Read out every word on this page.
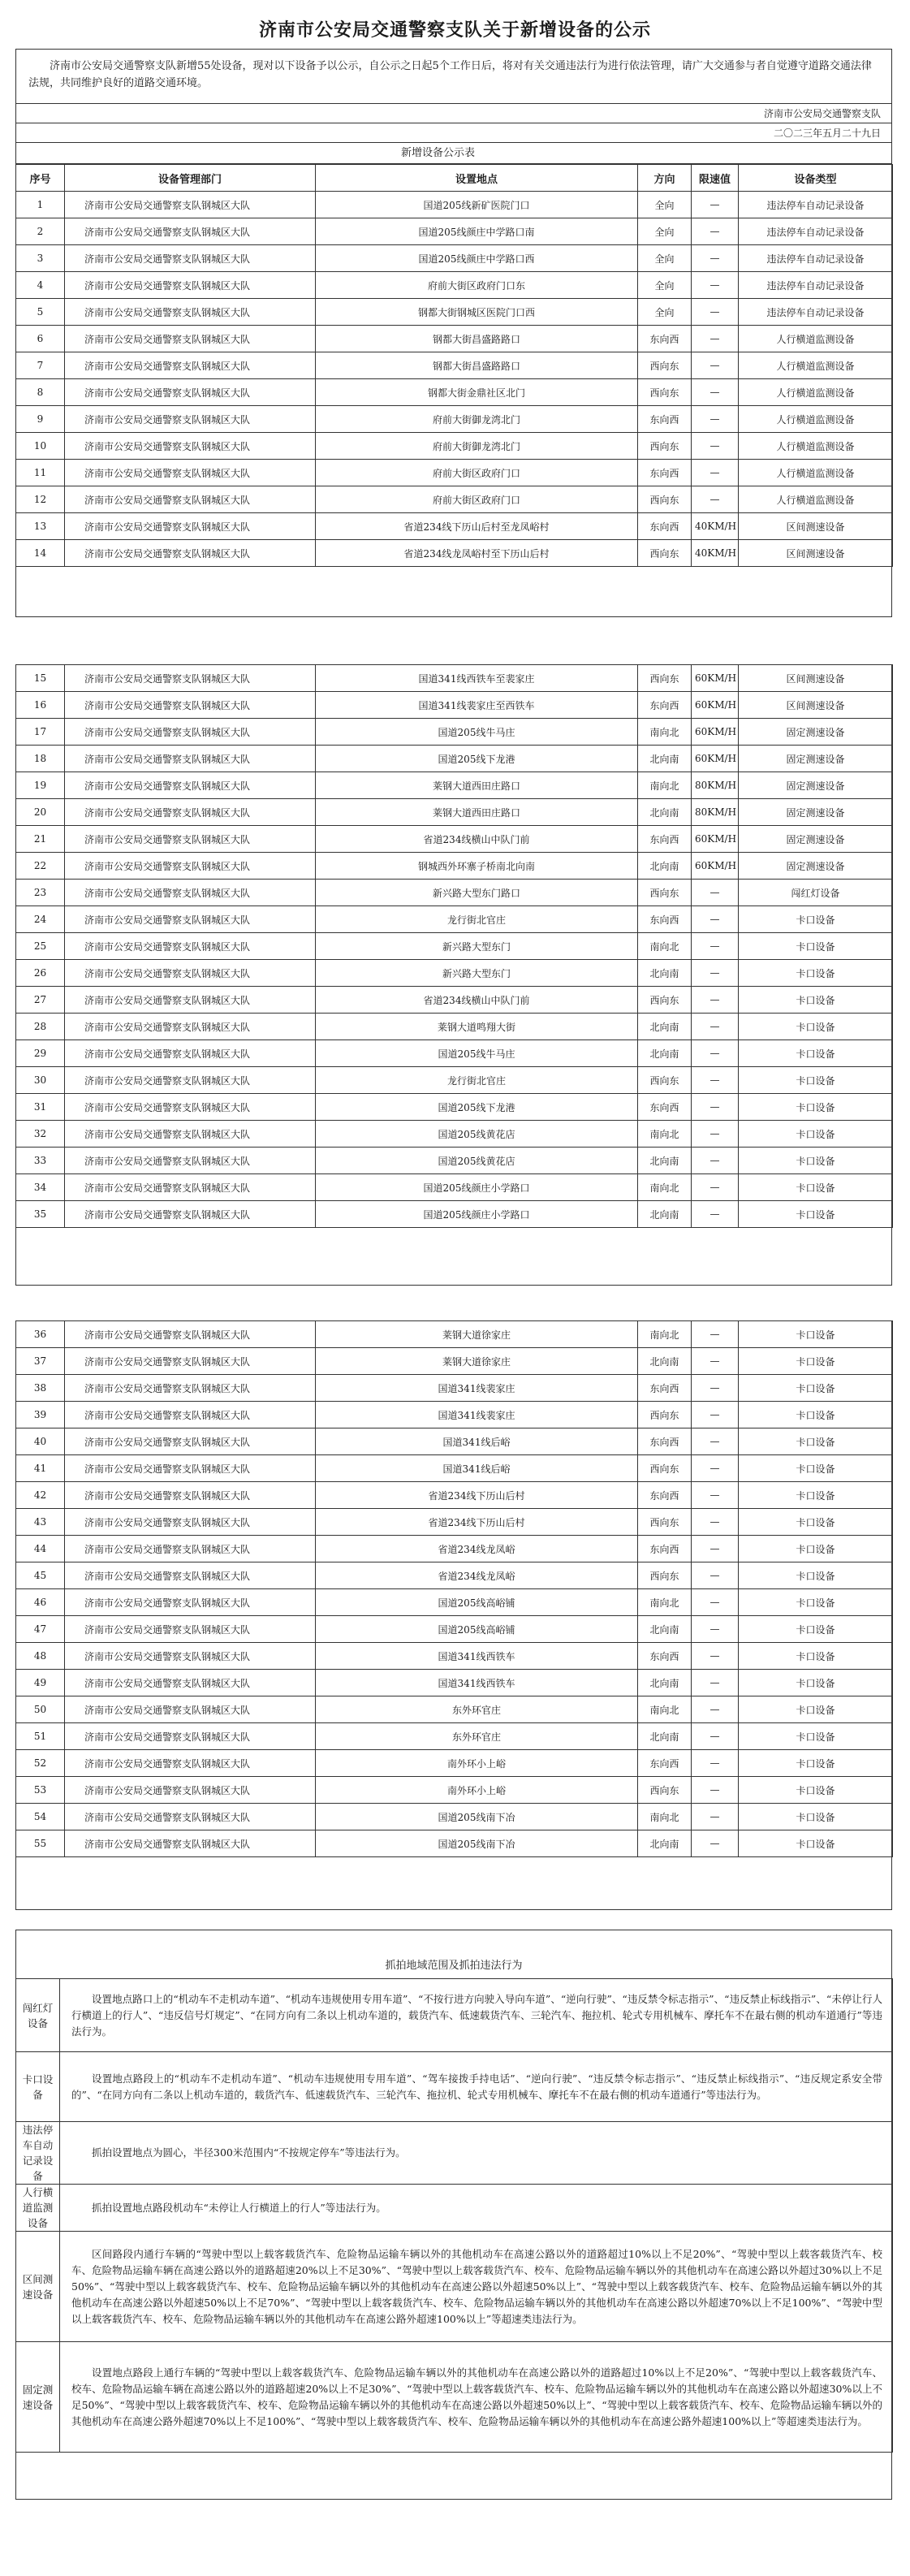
济南市公安局交通警察支队关于新增设备的公示
济南市公安局交通警察支队新增55处设备，现对以下设备予以公示，自公示之日起5个工作日后，将对有关交通违法行为进行依法管理，请广大交通参与者自觉遵守道路交通法律法规，共同维护良好的道路交通环境。
济南市公安局交通警察支队
二〇二三年五月二十九日
新增设备公示表
序号	设备管理部门	设置地点	方向	限速值	设备类型
1	济南市公安局交通警察支队钢城区大队	国道205线新矿医院门口	全向	—	违法停车自动记录设备
2	济南市公安局交通警察支队钢城区大队	国道205线颜庄中学路口南	全向	—	违法停车自动记录设备
3	济南市公安局交通警察支队钢城区大队	国道205线颜庄中学路口西	全向	—	违法停车自动记录设备
4	济南市公安局交通警察支队钢城区大队	府前大街区政府门口东	全向	—	违法停车自动记录设备
5	济南市公安局交通警察支队钢城区大队	钢都大街钢城区医院门口西	全向	—	违法停车自动记录设备
6	济南市公安局交通警察支队钢城区大队	钢都大街昌盛路路口	东向西	—	人行横道监测设备
7	济南市公安局交通警察支队钢城区大队	钢都大街昌盛路路口	西向东	—	人行横道监测设备
8	济南市公安局交通警察支队钢城区大队	钢都大街金鼎社区北门	西向东	—	人行横道监测设备
9	济南市公安局交通警察支队钢城区大队	府前大街御龙湾北门	东向西	—	人行横道监测设备
10	济南市公安局交通警察支队钢城区大队	府前大街御龙湾北门	西向东	—	人行横道监测设备
11	济南市公安局交通警察支队钢城区大队	府前大街区政府门口	东向西	—	人行横道监测设备
12	济南市公安局交通警察支队钢城区大队	府前大街区政府门口	西向东	—	人行横道监测设备
13	济南市公安局交通警察支队钢城区大队	省道234线下历山后村至龙凤峪村	东向西	40KM/H	区间测速设备
14	济南市公安局交通警察支队钢城区大队	省道234线龙凤峪村至下历山后村	西向东	40KM/H	区间测速设备
15	济南市公安局交通警察支队钢城区大队	国道341线西铁车至裴家庄	西向东	60KM/H	区间测速设备
16	济南市公安局交通警察支队钢城区大队	国道341线裴家庄至西铁车	东向西	60KM/H	区间测速设备
17	济南市公安局交通警察支队钢城区大队	国道205线牛马庄	南向北	60KM/H	固定测速设备
18	济南市公安局交通警察支队钢城区大队	国道205线下龙港	北向南	60KM/H	固定测速设备
19	济南市公安局交通警察支队钢城区大队	莱钢大道西田庄路口	南向北	80KM/H	固定测速设备
20	济南市公安局交通警察支队钢城区大队	莱钢大道西田庄路口	北向南	80KM/H	固定测速设备
21	济南市公安局交通警察支队钢城区大队	省道234线横山中队门前	东向西	60KM/H	固定测速设备
22	济南市公安局交通警察支队钢城区大队	钢城西外环寨子桥南北向南	北向南	60KM/H	固定测速设备
23	济南市公安局交通警察支队钢城区大队	新兴路大型东门路口	西向东	—	闯红灯设备
24	济南市公安局交通警察支队钢城区大队	龙行街北官庄	东向西	—	卡口设备
25	济南市公安局交通警察支队钢城区大队	新兴路大型东门	南向北	—	卡口设备
26	济南市公安局交通警察支队钢城区大队	新兴路大型东门	北向南	—	卡口设备
27	济南市公安局交通警察支队钢城区大队	省道234线横山中队门前	西向东	—	卡口设备
28	济南市公安局交通警察支队钢城区大队	莱钢大道鸣翔大街	北向南	—	卡口设备
29	济南市公安局交通警察支队钢城区大队	国道205线牛马庄	北向南	—	卡口设备
30	济南市公安局交通警察支队钢城区大队	龙行街北官庄	西向东	—	卡口设备
31	济南市公安局交通警察支队钢城区大队	国道205线下龙港	东向西	—	卡口设备
32	济南市公安局交通警察支队钢城区大队	国道205线黄花店	南向北	—	卡口设备
33	济南市公安局交通警察支队钢城区大队	国道205线黄花店	北向南	—	卡口设备
34	济南市公安局交通警察支队钢城区大队	国道205线颜庄小学路口	南向北	—	卡口设备
35	济南市公安局交通警察支队钢城区大队	国道205线颜庄小学路口	北向南	—	卡口设备
36	济南市公安局交通警察支队钢城区大队	莱钢大道徐家庄	南向北	—	卡口设备
37	济南市公安局交通警察支队钢城区大队	莱钢大道徐家庄	北向南	—	卡口设备
38	济南市公安局交通警察支队钢城区大队	国道341线裴家庄	东向西	—	卡口设备
39	济南市公安局交通警察支队钢城区大队	国道341线裴家庄	西向东	—	卡口设备
40	济南市公安局交通警察支队钢城区大队	国道341线后峪	东向西	—	卡口设备
41	济南市公安局交通警察支队钢城区大队	国道341线后峪	西向东	—	卡口设备
42	济南市公安局交通警察支队钢城区大队	省道234线下历山后村	东向西	—	卡口设备
43	济南市公安局交通警察支队钢城区大队	省道234线下历山后村	西向东	—	卡口设备
44	济南市公安局交通警察支队钢城区大队	省道234线龙凤峪	东向西	—	卡口设备
45	济南市公安局交通警察支队钢城区大队	省道234线龙凤峪	西向东	—	卡口设备
46	济南市公安局交通警察支队钢城区大队	国道205线高峪铺	南向北	—	卡口设备
47	济南市公安局交通警察支队钢城区大队	国道205线高峪铺	北向南	—	卡口设备
48	济南市公安局交通警察支队钢城区大队	国道341线西铁车	东向西	—	卡口设备
49	济南市公安局交通警察支队钢城区大队	国道341线西铁车	北向南	—	卡口设备
50	济南市公安局交通警察支队钢城区大队	东外环官庄	南向北	—	卡口设备
51	济南市公安局交通警察支队钢城区大队	东外环官庄	北向南	—	卡口设备
52	济南市公安局交通警察支队钢城区大队	南外环小上峪	东向西	—	卡口设备
53	济南市公安局交通警察支队钢城区大队	南外环小上峪	西向东	—	卡口设备
54	济南市公安局交通警察支队钢城区大队	国道205线南下冶	南向北	—	卡口设备
55	济南市公安局交通警察支队钢城区大队	国道205线南下冶	北向南	—	卡口设备
抓拍地域范围及抓拍违法行为
闯红灯设备	设置地点路口上的“机动车不走机动车道”、“机动车违规使用专用车道”、“不按行进方向驶入导向车道”、“逆向行驶”、“违反禁令标志指示”、“违反禁止标线指示”、“未停让行人行横道上的行人”、“违反信号灯规定”、“在同方向有二条以上机动车道的，载货汽车、低速载货汽车、三轮汽车、拖拉机、轮式专用机械车、摩托车不在最右侧的机动车道通行”等违法行为。
卡口设备	设置地点路段上的“机动车不走机动车道”、“机动车违规使用专用车道”、“驾车接拨手持电话”、“逆向行驶”、“违反禁令标志指示”、“违反禁止标线指示”、“违反规定系安全带的”、“在同方向有二条以上机动车道的，载货汽车、低速载货汽车、三轮汽车、拖拉机、轮式专用机械车、摩托车不在最右侧的机动车道通行”等违法行为。
违法停车自动记录设备	抓拍设置地点为圆心，半径300米范围内“不按规定停车”等违法行为。
人行横道监测设备	抓拍设置地点路段机动车“未停让人行横道上的行人”等违法行为。
区间测速设备	区间路段内通行车辆的“驾驶中型以上载客载货汽车、危险物品运输车辆以外的其他机动车在高速公路以外的道路超过10%以上不足20%”、“驾驶中型以上载客载货汽车、校车、危险物品运输车辆在高速公路以外的道路超速20%以上不足30%”、“驾驶中型以上载客载货汽车、校车、危险物品运输车辆以外的其他机动车在高速公路以外超过30%以上不足50%”、“驾驶中型以上载客载货汽车、校车、危险物品运输车辆以外的其他机动车在高速公路以外超速50%以上”、“驾驶中型以上载客载货汽车、校车、危险物品运输车辆以外的其他机动车在高速公路以外超速50%以上不足70%”、“驾驶中型以上载客载货汽车、校车、危险物品运输车辆以外的其他机动车在高速公路以外超速70%以上不足100%”、“驾驶中型以上载客载货汽车、校车、危险物品运输车辆以外的其他机动车在高速公路外超速100%以上”等超速类违法行为。
固定测速设备	设置地点路段上通行车辆的“驾驶中型以上载客载货汽车、危险物品运输车辆以外的其他机动车在高速公路以外的道路超过10%以上不足20%”、“驾驶中型以上载客载货汽车、校车、危险物品运输车辆在高速公路以外的道路超速20%以上不足30%”、“驾驶中型以上载客载货汽车、校车、危险物品运输车辆以外的其他机动车在高速公路以外超速30%以上不足50%”、“驾驶中型以上载客载货汽车、校车、危险物品运输车辆以外的其他机动车在高速公路以外超速50%以上”、“驾驶中型以上载客载货汽车、校车、危险物品运输车辆以外的其他机动车在高速公路外超速70%以上不足100%”、“驾驶中型以上载客载货汽车、校车、危险物品运输车辆以外的其他机动车在高速公路外超速100%以上”等超速类违法行为。
